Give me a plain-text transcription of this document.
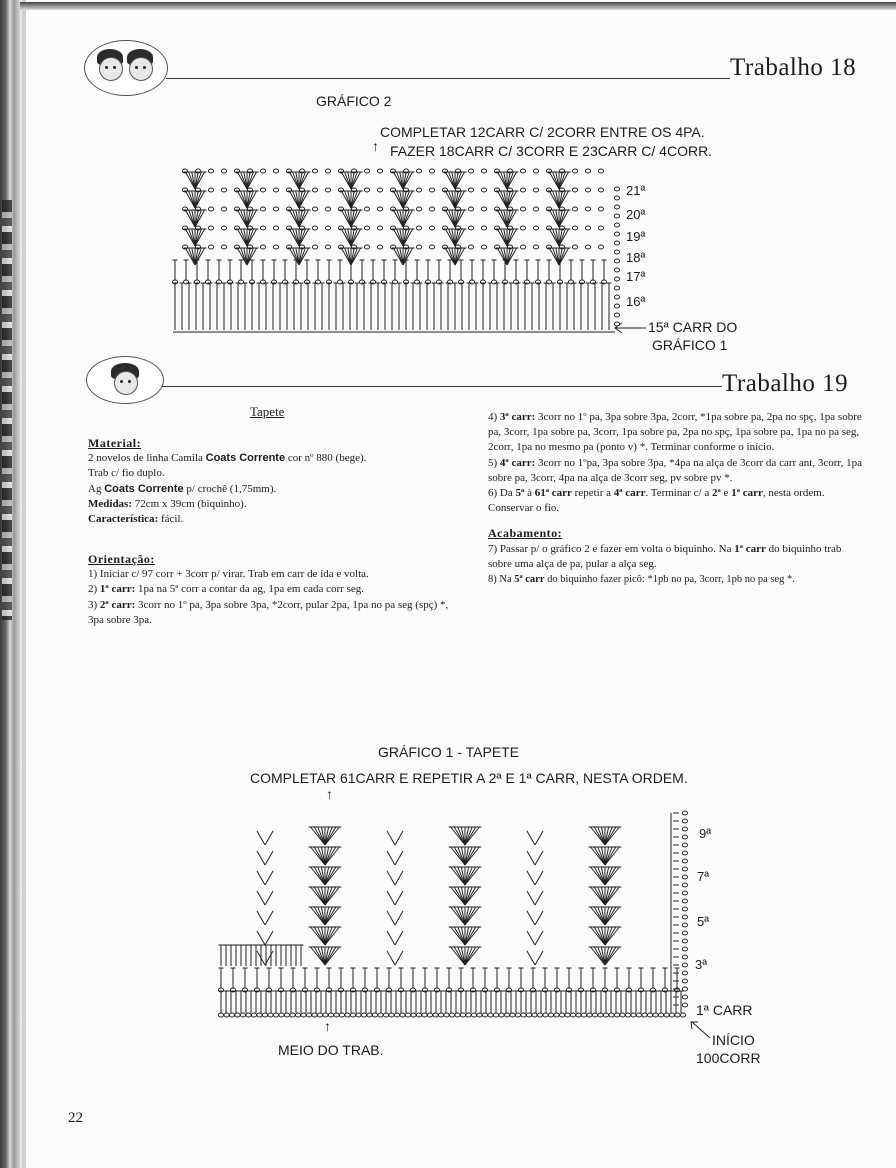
Trabalho 18
GRÁFICO 2
COMPLETAR 12CARR C/ 2CORR ENTRE OS 4PA.
↑ FAZER 18CARR C/ 3CORR E 23CARR C/ 4CORR.
21ª
20ª
19ª
18ª
17ª
16ª
15ª CARR DO
GRÁFICO 1
Trabalho 19
Tapete

Material:

2 novelos de linha Camila Coats Corrente cor nº 880 (bege).

Trab c/ fio duplo.

Ag Coats Corrente p/ crochê (1,75mm).

Medidas: 72cm x 39cm (biquinho).

Característica: fácil.

Orientação:

1) Iniciar c/ 97 corr + 3corr p/ virar. Trab em carr de ida e volta.

2) 1ª carr: 1pa na 5ª corr a contar da ag, 1pa em cada corr seg.

3) 2ª carr: 3corr no 1º pa, 3pa sobre 3pa, *2corr, pular 2pa, 1pa no pa seg (spç) *, 3pa sobre 3pa.

4) 3ª carr: 3corr no 1º pa, 3pa sobre 3pa, 2corr, *1pa sobre pa, 2pa no spç, 1pa sobre pa, 3corr, 1pa sobre pa, 3corr, 1pa sobre pa, 2pa no spç, 1pa sobre pa, 1pa no pa seg, 2corr, 1pa no mesmo pa (ponto v) *. Terminar conforme o início.

5) 4ª carr: 3corr no 1ºpa, 3pa sobre 3pa, *4pa na alça de 3corr da carr ant, 3corr, 1pa sobre pa, 3corr, 4pa na alça de 3corr seg, pv sobre pv *.

6) Da 5ª à 61ª carr repetir a 4ª carr. Terminar c/ a 2ª e 1ª carr, nesta ordem. Conservar o fio.

Acabamento:

7) Passar p/ o gráfico 2 e fazer em volta o biquinho. Na 1ª carr do biquinho trab sobre uma alça de pa, pular a alça seg.

8) Na 5ª carr do biquinho fazer picô: *1pb no pa, 3corr, 1pb no pa seg *.

GRÁFICO 1 - TAPETE
COMPLETAR 61CARR E REPETIR A 2ª E 1ª CARR, NESTA ORDEM.
↑
9ª
7ª
5ª
3ª
1ª CARR
↑
MEIO DO TRAB.
INÍCIO
100CORR
22
